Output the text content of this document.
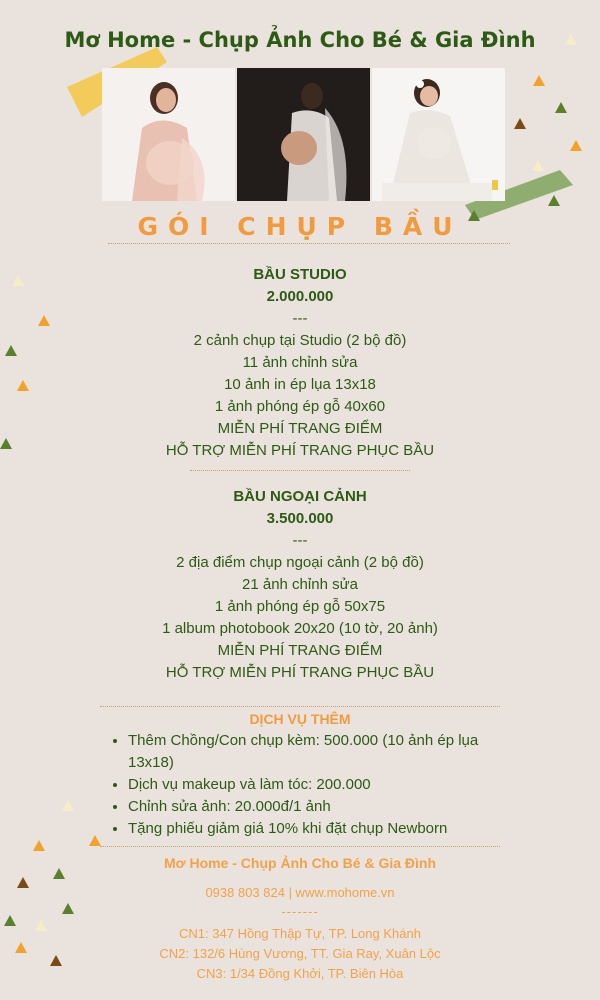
Mơ Home - Chụp Ảnh Cho Bé & Gia Đình
GÓI CHỤP BẦU
BẦU STUDIO
2.000.000
---
2 cảnh chụp tại Studio (2 bộ đồ)
11 ảnh chỉnh sửa
10 ảnh in ép lụa 13x18
1 ảnh phóng ép gỗ 40x60
MIỄN PHÍ TRANG ĐIỂM
HỖ TRỢ MIỄN PHÍ TRANG PHỤC BẦU
BẦU NGOẠI CẢNH
3.500.000
---
2 địa điểm chụp ngoại cảnh (2 bộ đồ)
21 ảnh chỉnh sửa
1 ảnh phóng ép gỗ 50x75
1 album photobook 20x20 (10 tờ, 20 ảnh)
MIỄN PHÍ TRANG ĐIỂM
HỖ TRỢ MIỄN PHÍ TRANG PHỤC BẦU
DỊCH VỤ THÊM
• Thêm Chồng/Con chụp kèm: 500.000 (10 ảnh ép lụa 13x18)
• Dịch vụ makeup và làm tóc: 200.000
• Chỉnh sửa ảnh: 20.000đ/1 ảnh
• Tặng phiếu giảm giá 10% khi đặt chụp Newborn
Mơ Home - Chụp Ảnh Cho Bé & Gia Đình
0938 803 824 | www.mohome.vn
-------
CN1: 347 Hồng Thập Tự, TP. Long Khánh
CN2: 132/6 Hùng Vương, TT. Gia Ray, Xuân Lộc
CN3: 1/34 Đồng Khởi, TP. Biên Hòa
